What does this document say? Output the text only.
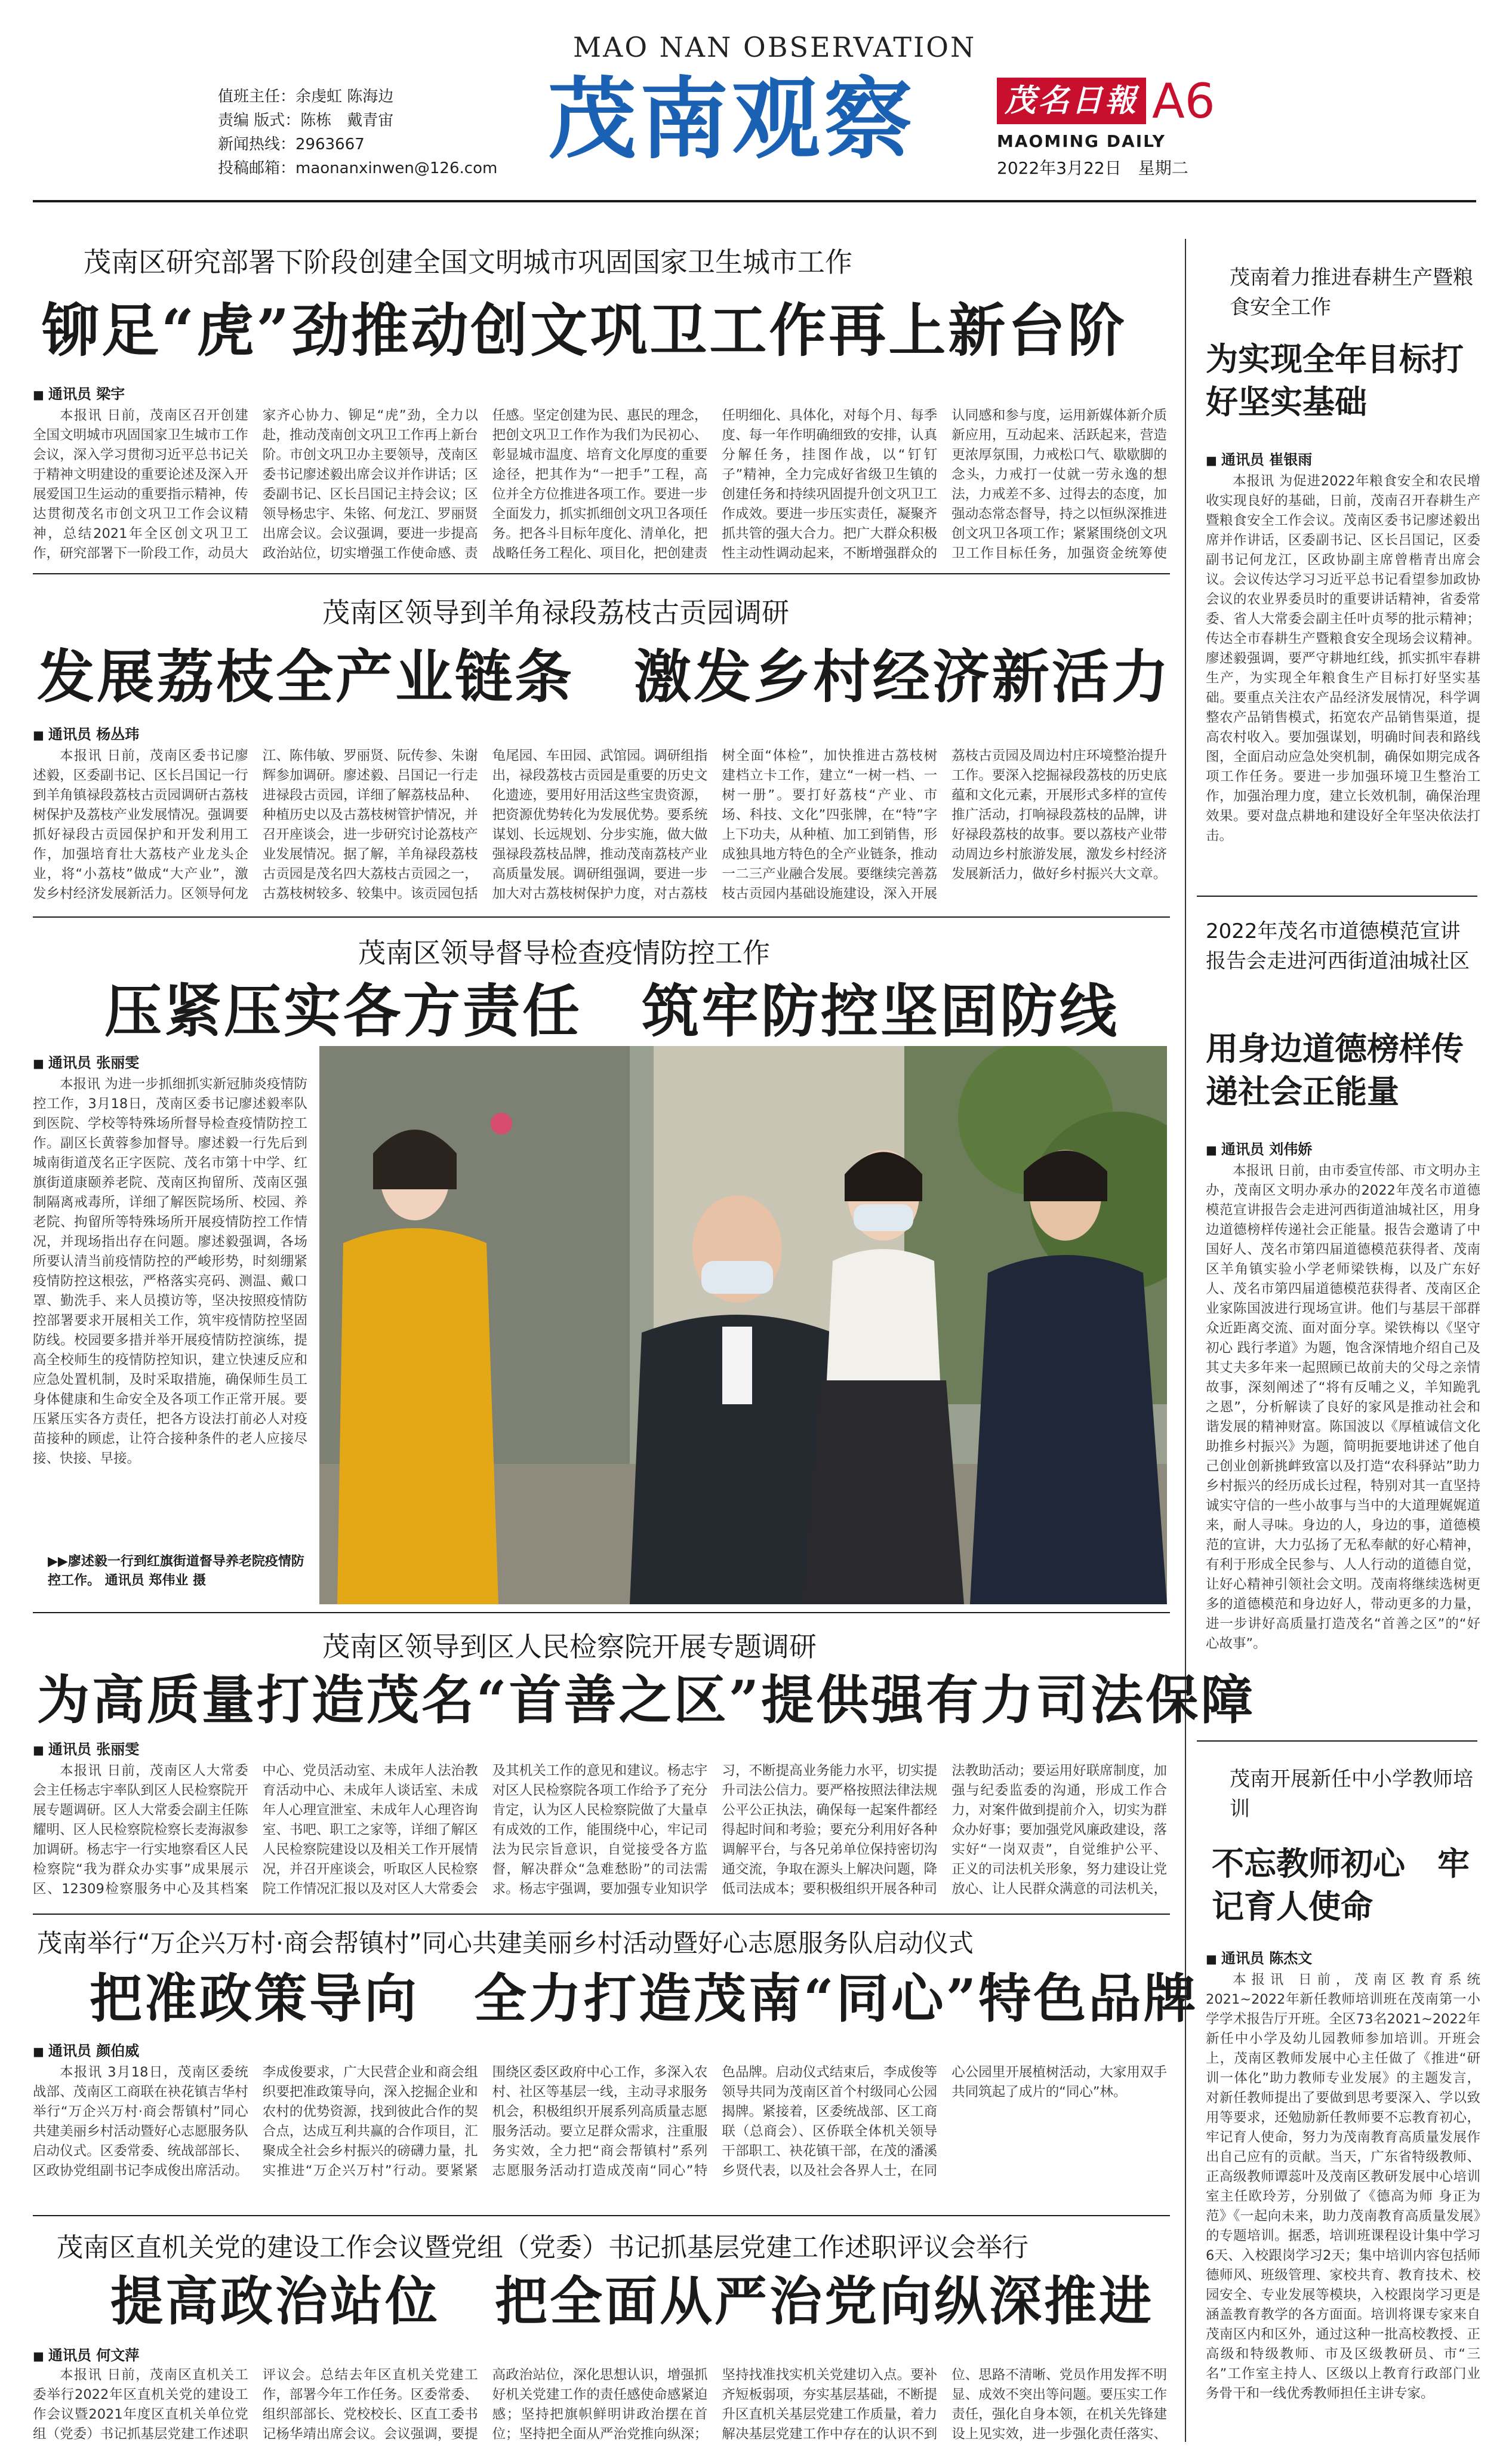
值班主任：余虔虹 陈海边
责编 版式：陈栋　戴青宙
新闻热线：2963667
投稿邮箱：maonanxinwen@126.com
MAO NAN OBSERVATION
茂南观察	茂名日報 A6
MAOMING DAILY
2022年3月22日　星期二
茂南区研究部署下阶段创建全国文明城市巩固国家卫生城市工作
铆足“虎”劲推动创文巩卫工作再上新台阶
■ 通讯员 梁宇

本报讯 日前，茂南区召开创建全国文明城市巩固国家卫生城市工作会议，深入学习贯彻习近平总书记关于精神文明建设的重要论述及深入开展爱国卫生运动的重要指示精神，传达贯彻茂名市创文巩卫工作会议精神，总结2021年全区创文巩卫工作，研究部署下一阶段工作，动员大家齐心协力、铆足“虎”劲，全力以赴，推动茂南创文巩卫工作再上新台阶。市创文巩卫办主要领导，茂南区委书记廖述毅出席会议并作讲话；区委副书记、区长吕国记主持会议；区领导杨忠宇、朱铭、何龙江、罗丽贤出席会议。会议强调，要进一步提高政治站位，切实增强工作使命感、责任感。坚定创建为民、惠民的理念，把创文巩卫工作作为我们为民初心、彰显城市温度、培育文化厚度的重要途径，把其作为“一把手”工程，高位并全方位推进各项工作。要进一步全面发力，抓实抓细创文巩卫各项任务。把各斗目标年度化、清单化，把战略任务工程化、项目化，把创建责任明细化、具体化，对每个月、每季度、每一年作明确细致的安排，认真分解任务，挂图作战，以“钉钉子”精神，全力完成好省级卫生镇的创建任务和持续巩固提升创文巩卫工作成效。要进一步压实责任，凝聚齐抓共管的强大合力。把广大群众积极性主动性调动起来，不断增强群众的认同感和参与度，运用新媒体新介质新应用，互动起来、活跃起来，营造更浓厚氛围，力戒松口气、歇歇脚的念头，力戒打一仗就一劳永逸的想法，力戒差不多、过得去的态度，加强动态常态督导，持之以恒纵深推进创文巩卫各项工作；紧紧围绕创文巩卫工作目标任务，加强资金统筹使

茂南区领导到羊角禄段荔枝古贡园调研
发展荔枝全产业链条　激发乡村经济新活力
■ 通讯员 杨丛玮

本报讯 日前，茂南区委书记廖述毅，区委副书记、区长吕国记一行到羊角镇禄段荔枝古贡园调研古荔枝树保护及荔枝产业发展情况。强调要抓好禄段古贡园保护和开发利用工作，加强培育壮大荔枝产业龙头企业，将“小荔枝”做成“大产业”，激发乡村经济发展新活力。区领导何龙江、陈伟敏、罗丽贤、阮传参、朱谢辉参加调研。廖述毅、吕国记一行走进禄段古贡园，详细了解荔枝品种、种植历史以及古荔枝树管护情况，并召开座谈会，进一步研究讨论荔枝产业发展情况。据了解，羊角禄段荔枝古贡园是茂名四大荔枝古贡园之一，古荔枝树较多、较集中。该贡园包括龟尾园、车田园、武馆园。调研组指出，禄段荔枝古贡园是重要的历史文化遗迹，要用好用活这些宝贵资源，把资源优势转化为发展优势。要系统谋划、长远规划、分步实施，做大做强禄段荔枝品牌，推动茂南荔枝产业高质量发展。调研组强调，要进一步加大对古荔枝树保护力度，对古荔枝树全面“体检”，加快推进古荔枝树建档立卡工作，建立“一树一档、一树一册”。要打好荔枝“产业、市场、科技、文化”四张牌，在“特”字上下功夫，从种植、加工到销售，形成独具地方特色的全产业链条，推动一二三产业融合发展。要继续完善荔枝古贡园内基础设施建设，深入开展荔枝古贡园及周边村庄环境整治提升工作。要深入挖掘禄段荔枝的历史底蕴和文化元素，开展形式多样的宣传推广活动，打响禄段荔枝的品牌，讲好禄段荔枝的故事。要以荔枝产业带动周边乡村旅游发展，激发乡村经济发展新活力，做好乡村振兴大文章。

茂南区领导督导检查疫情防控工作
压紧压实各方责任　筑牢防控坚固防线
■ 通讯员 张丽雯

本报讯 为进一步抓细抓实新冠肺炎疫情防控工作，3月18日，茂南区委书记廖述毅率队到医院、学校等特殊场所督导检查疫情防控工作。副区长黄蓉参加督导。廖述毅一行先后到城南街道茂名正字医院、茂名市第十中学、红旗街道康颐养老院、茂南区拘留所、茂南区强制隔离戒毒所，详细了解医院场所、校园、养老院、拘留所等特殊场所开展疫情防控工作情况，并现场指出存在问题。廖述毅强调，各场所要认清当前疫情防控的严峻形势，时刻绷紧疫情防控这根弦，严格落实亮码、测温、戴口罩、勤洗手、来人员摸访等，坚决按照疫情防控部署要求开展相关工作，筑牢疫情防控坚固防线。校园要多措并举开展疫情防控演练，提高全校师生的疫情防控知识，建立快速反应和应急处置机制，及时采取措施，确保师生员工身体健康和生命安全及各项工作正常开展。要压紧压实各方责任，把各方设法打前必人对疫苗接种的顾虑，让符合接种条件的老人应接尽接、快接、早接。

▶▶廖述毅一行到红旗街道督导养老院疫情防控工作。 通讯员 郑伟业 摄
茂南区领导到区人民检察院开展专题调研
为高质量打造茂名“首善之区”提供强有力司法保障
■ 通讯员 张丽雯

本报讯 日前，茂南区人大常委会主任杨志宇率队到区人民检察院开展专题调研。区人大常委会副主任陈耀明、区人民检察院检察长麦海淑参加调研。杨志宇一行实地察看区人民检察院“我为群众办实事”成果展示区、12309检察服务中心及其档案中心、党员活动室、未成年人法治教育活动中心、未成年人谈话室、未成年人心理宣泄室、未成年人心理咨询室、书吧、职工之家等，详细了解区人民检察院建设以及相关工作开展情况，并召开座谈会，听取区人民检察院工作情况汇报以及对区人大常委会及其机关工作的意见和建议。杨志宇对区人民检察院各项工作给予了充分肯定，认为区人民检察院做了大量卓有成效的工作，能围绕中心，牢记司法为民宗旨意识，自觉接受各方监督，解决群众“急难愁盼”的司法需求。杨志宇强调，要加强专业知识学习，不断提高业务能力水平，切实提升司法公信力。要严格按照法律法规公平公正执法，确保每一起案件都经得起时间和考验；要充分利用好各种调解平台，与各兄弟单位保持密切沟通交流，争取在源头上解决问题，降低司法成本；要积极组织开展各种司法教助活动；要运用好联席制度，加强与纪委监委的沟通，形成工作合力，对案件做到提前介入，切实为群众办好事；要加强党风廉政建设，落实好“一岗双责”，自觉维护公平、正义的司法机关形象，努力建设让党放心、让人民群众满意的司法机关，

茂南举行“万企兴万村·商会帮镇村”同心共建美丽乡村活动暨好心志愿服务队启动仪式
把准政策导向　全力打造茂南“同心”特色品牌
■ 通讯员 颜伯威

本报讯 3月18日，茂南区委统战部、茂南区工商联在袂花镇吉华村举行“万企兴万村·商会帮镇村”同心共建美丽乡村活动暨好心志愿服务队启动仪式。区委常委、统战部部长、区政协党组副书记李成俊出席活动。李成俊要求，广大民营企业和商会组织要把准政策导向，深入挖掘企业和农村的优势资源，找到彼此合作的契合点，达成互利共赢的合作项目，汇聚成全社会乡村振兴的磅礴力量，扎实推进“万企兴万村”行动。要紧紧围绕区委区政府中心工作，多深入农村、社区等基层一线，主动寻求服务机会，积极组织开展系列高质量志愿服务活动。要立足群众需求，注重服务实效，全力把“商会帮镇村”系列志愿服务活动打造成茂南“同心”特色品牌。启动仪式结束后，李成俊等领导共同为茂南区首个村级同心公园揭牌。紧接着，区委统战部、区工商联（总商会）、区侨联全体机关领导干部职工、袂花镇干部，在茂的潘溪乡贤代表，以及社会各界人士，在同心公园里开展植树活动，大家用双手共同筑起了成片的“同心”林。

茂南区直机关党的建设工作会议暨党组（党委）书记抓基层党建工作述职评议会举行
提高政治站位　把全面从严治党向纵深推进
■ 通讯员 何文萍

本报讯 日前，茂南区直机关工委举行2022年区直机关党的建设工作会议暨2021年度区直机关单位党组（党委）书记抓基层党建工作述职评议会。总结去年区直机关党建工作，部署今年工作任务。区委常委、组织部部长、党校校长、区直工委书记杨华靖出席会议。会议强调，要提高政治站位，深化思想认识，增强抓好机关党建工作的责任感使命感紧迫感；坚持把旗帜鲜明讲政治摆在首位；坚持把全面从严治党推向纵深；坚持找准找实机关党建切入点。要补齐短板弱项，夯实基层基础，不断提升区直机关基层党建工作质量，着力解决基层党建工作中存在的认识不到位、思路不清晰、党员作用发挥不明显、成效不突出等问题。要压实工作责任，强化自身本领，在机关先锋建设上见实效，进一步强化责任落实、

茂南着力推进春耕生产暨粮食安全工作
为实现全年目标打好坚实基础
■ 通讯员 崔银雨

本报讯 为促进2022年粮食安全和农民增收实现良好的基础，日前，茂南召开春耕生产暨粮食安全工作会议。茂南区委书记廖述毅出席并作讲话，区委副书记、区长吕国记，区委副书记何龙江，区政协副主席曾楷青出席会议。会议传达学习习近平总书记看望参加政协会议的农业界委员时的重要讲话精神，省委常委、省人大常委会副主任叶贞琴的批示精神；传达全市春耕生产暨粮食安全现场会议精神。廖述毅强调，要严守耕地红线，抓实抓牢春耕生产，为实现全年粮食生产目标打好坚实基础。要重点关注农产品经济发展情况，科学调整农产品销售模式，拓宽农产品销售渠道，提高农村收入。要加强谋划，明确时间表和路线图，全面启动应急处突机制，确保如期完成各项工作任务。要进一步加强环境卫生整治工作，加强治理力度，建立长效机制，确保治理效果。要对盘点耕地和建设好全年坚决依法打击。

2022年茂名市道德模范宣讲报告会走进河西街道油城社区
用身边道德榜样传递社会正能量
■ 通讯员 刘伟娇

本报讯 日前，由市委宣传部、市文明办主办，茂南区文明办承办的2022年茂名市道德模范宣讲报告会走进河西街道油城社区，用身边道德榜样传递社会正能量。报告会邀请了中国好人、茂名市第四届道德模范获得者、茂南区羊角镇实验小学老师梁铁梅，以及广东好人、茂名市第四届道德模范获得者、茂南区企业家陈国波进行现场宣讲。他们与基层干部群众近距离交流、面对面分享。梁铁梅以《坚守初心 践行孝道》为题，饱含深情地介绍自己及其丈夫多年来一起照顾已故前夫的父母之亲情故事，深刻阐述了“将有反哺之义，羊知跪乳之恩”，分析解读了良好的家风是推动社会和谐发展的精神财富。陈国波以《厚植诚信文化 助推乡村振兴》为题，简明扼要地讲述了他自己创业创新挑衅致富以及打造“农科驿站”助力乡村振兴的经历成长过程，特别对其一直坚持诚实守信的一些小故事与当中的大道理娓娓道来，耐人寻味。身边的人，身边的事，道德模范的宣讲，大力弘扬了无私奉献的好心精神，有利于形成全民参与、人人行动的道德自觉，让好心精神引领社会文明。茂南将继续选树更多的道德模范和身边好人，带动更多的力量，进一步讲好高质量打造茂名“首善之区”的“好心故事”。

茂南开展新任中小学教师培训
不忘教师初心　牢记育人使命
■ 通讯员 陈杰文

本报讯 日前，茂南区教育系统2021~2022年新任教师培训班在茂南第一小学学术报告厅开班。全区73名2021~2022年新任中小学及幼儿园教师参加培训。开班会上，茂南区教师发展中心主任做了《推进“研训一体化”助力教师专业发展》的主题发言，对新任教师提出了要做到思考要深入、学以致用等要求，还勉励新任教师要不忘教育初心，牢记育人使命，努力为茂南教育高质量发展作出自己应有的贡献。当天，广东省特级教师、正高级教师谭蕊叶及茂南区教研发展中心培训室主任欧玲芳，分别做了《德高为师 身正为范》《一起向未来，助力茂南教育高质量发展》的专题培训。据悉，培训班课程设计集中学习6天、入校跟岗学习2天；集中培训内容包括师德师风、班级管理、家校共育、教育技术、校园安全、专业发展等模块，入校跟岗学习更是涵盖教育教学的各方面面。培训将课专家来自茂南区内和区外，通过这种一批高校教授、正高级和特级教师、市及区级教研员、市“三名”工作室主持人、区级以上教育行政部门业务骨干和一线优秀教师担任主讲专家。
